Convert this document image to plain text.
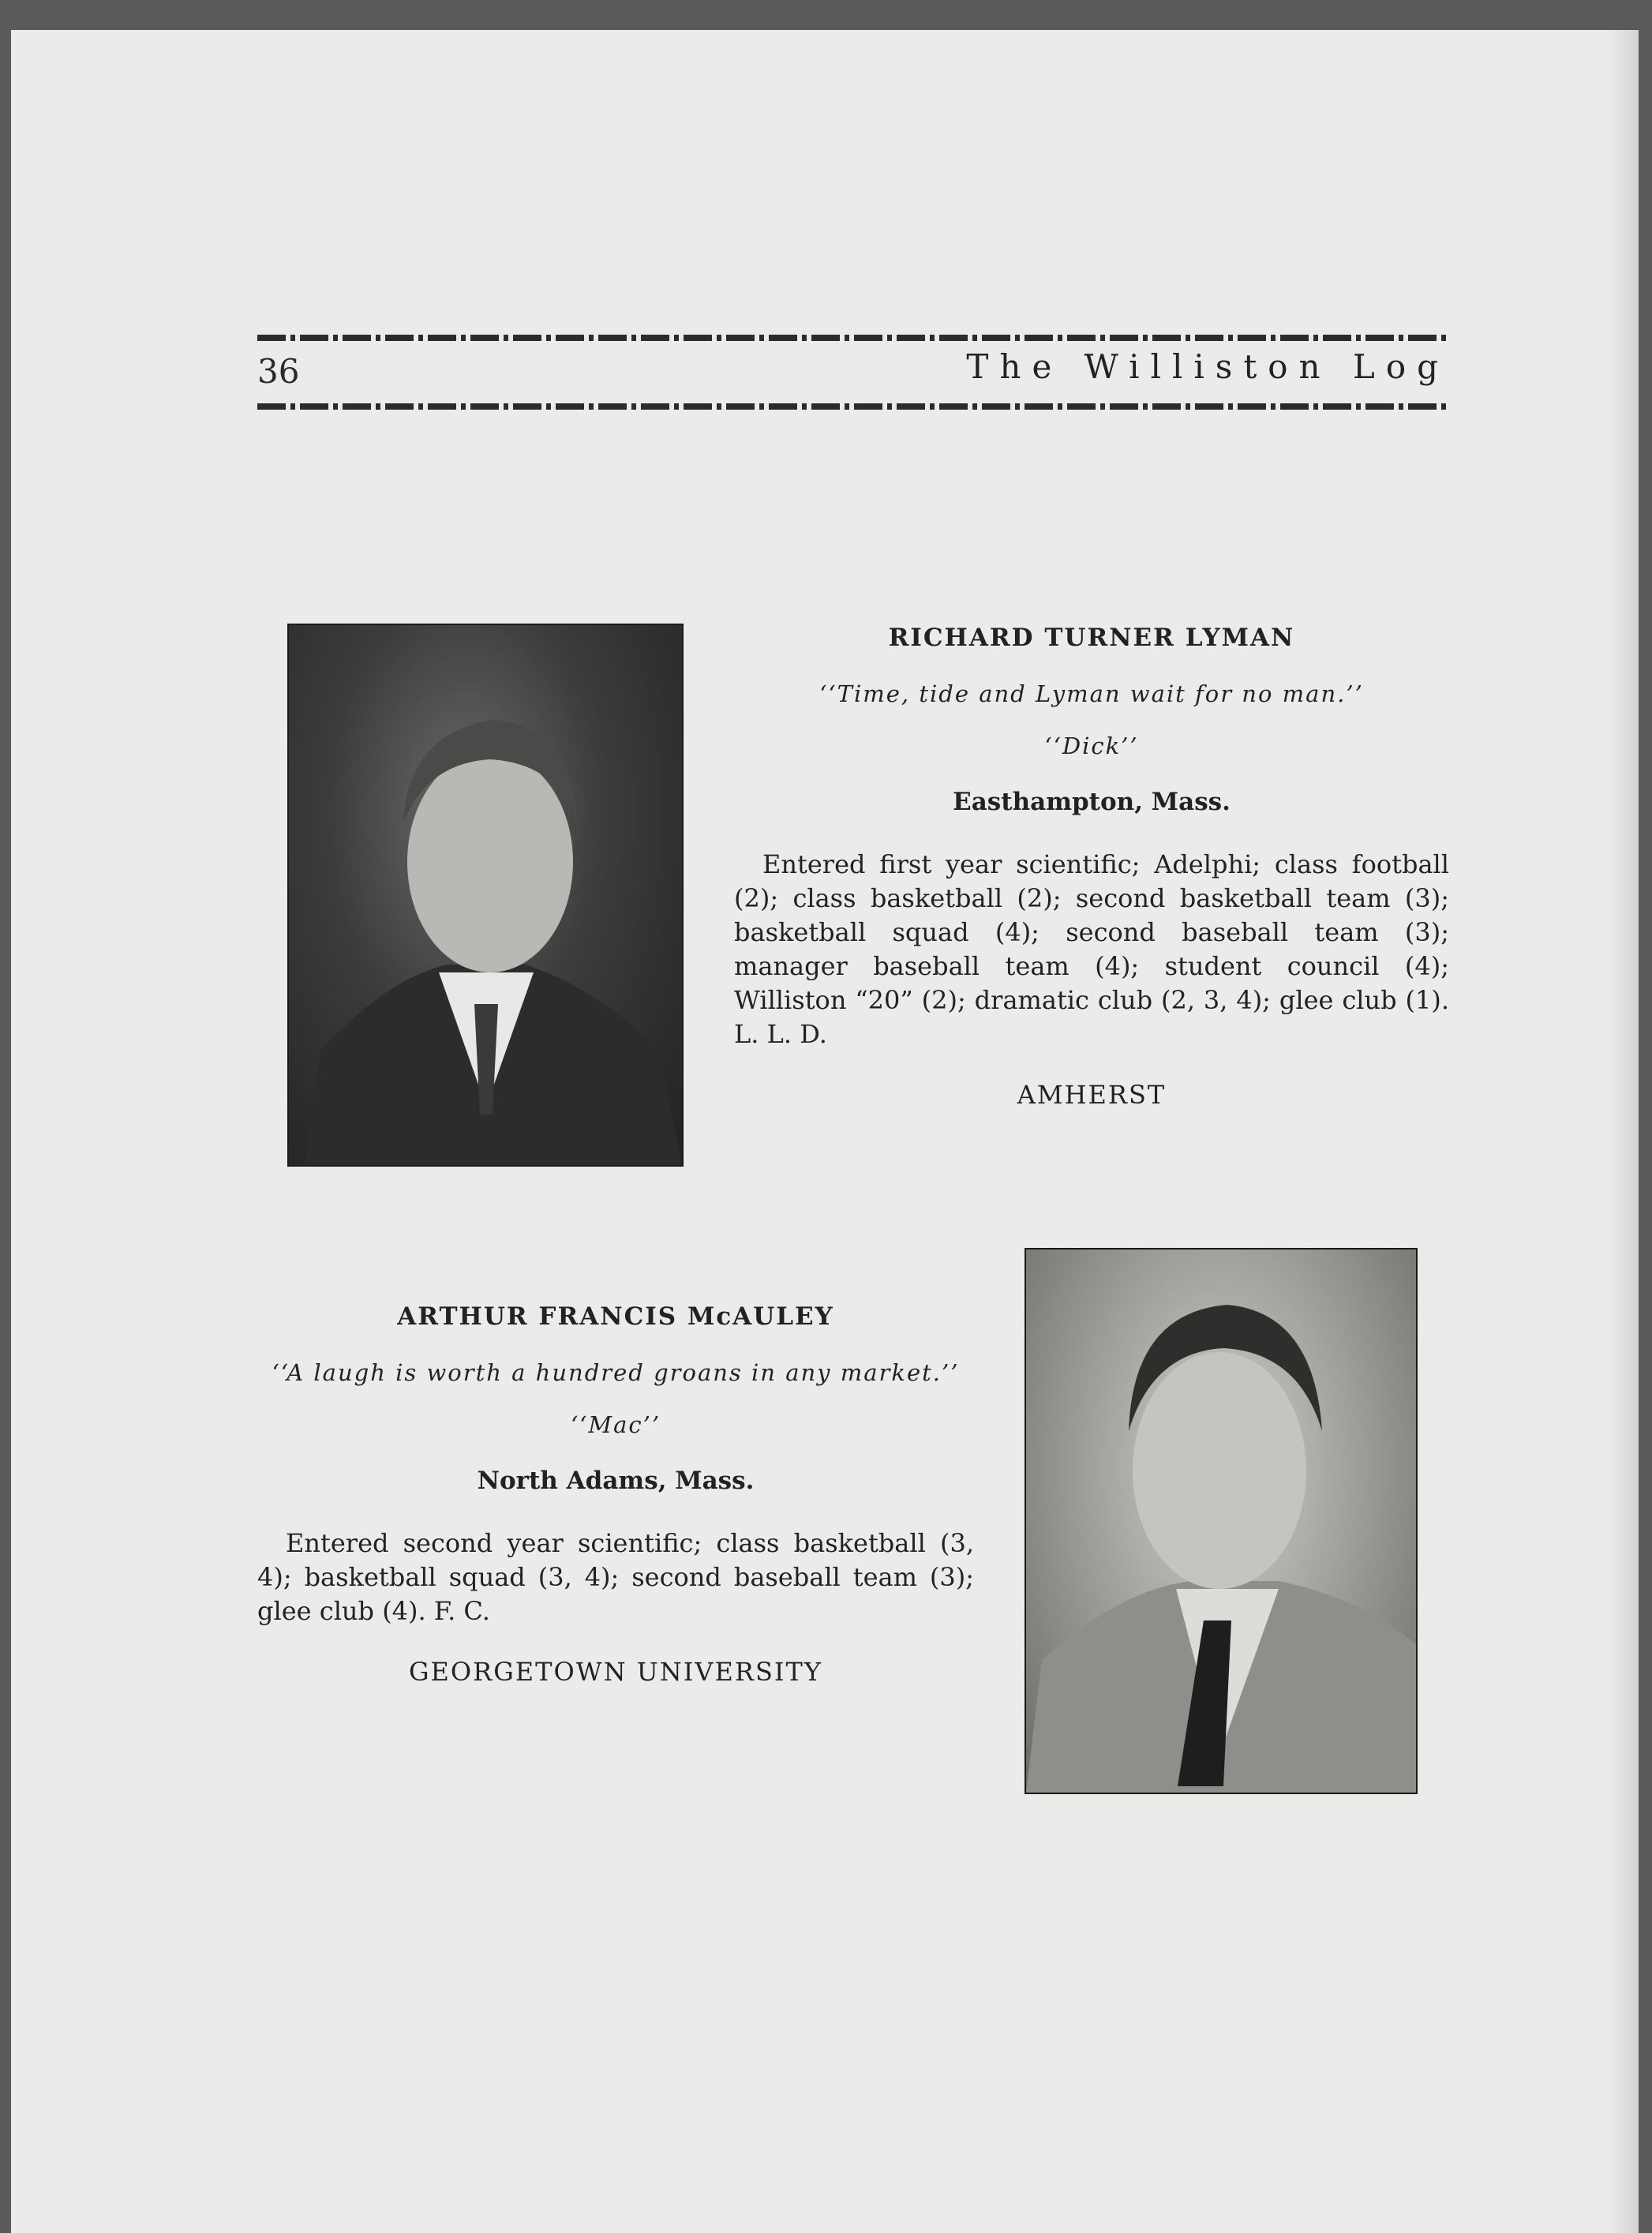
36	The Williston Log

RICHARD TURNER LYMAN

‘‘Time, tide and Lyman wait for no man.’’

‘‘Dick’’

Easthampton, Mass.

Entered first year scientific; Adelphi; class football (2); class basketball (2); second basketball team (3); basketball squad (4); second baseball team (3); manager baseball team (4); student council (4); Williston “20” (2); dramatic club (2, 3, 4); glee club (1). L. L. D.

AMHERST

ARTHUR FRANCIS McAULEY

‘‘A laugh is worth a hundred groans in any market.’’

‘‘Mac’’

North Adams, Mass.

Entered second year scientific; class basketball (3, 4); basketball squad (3, 4); second baseball team (3); glee club (4). F. C.

GEORGETOWN UNIVERSITY
